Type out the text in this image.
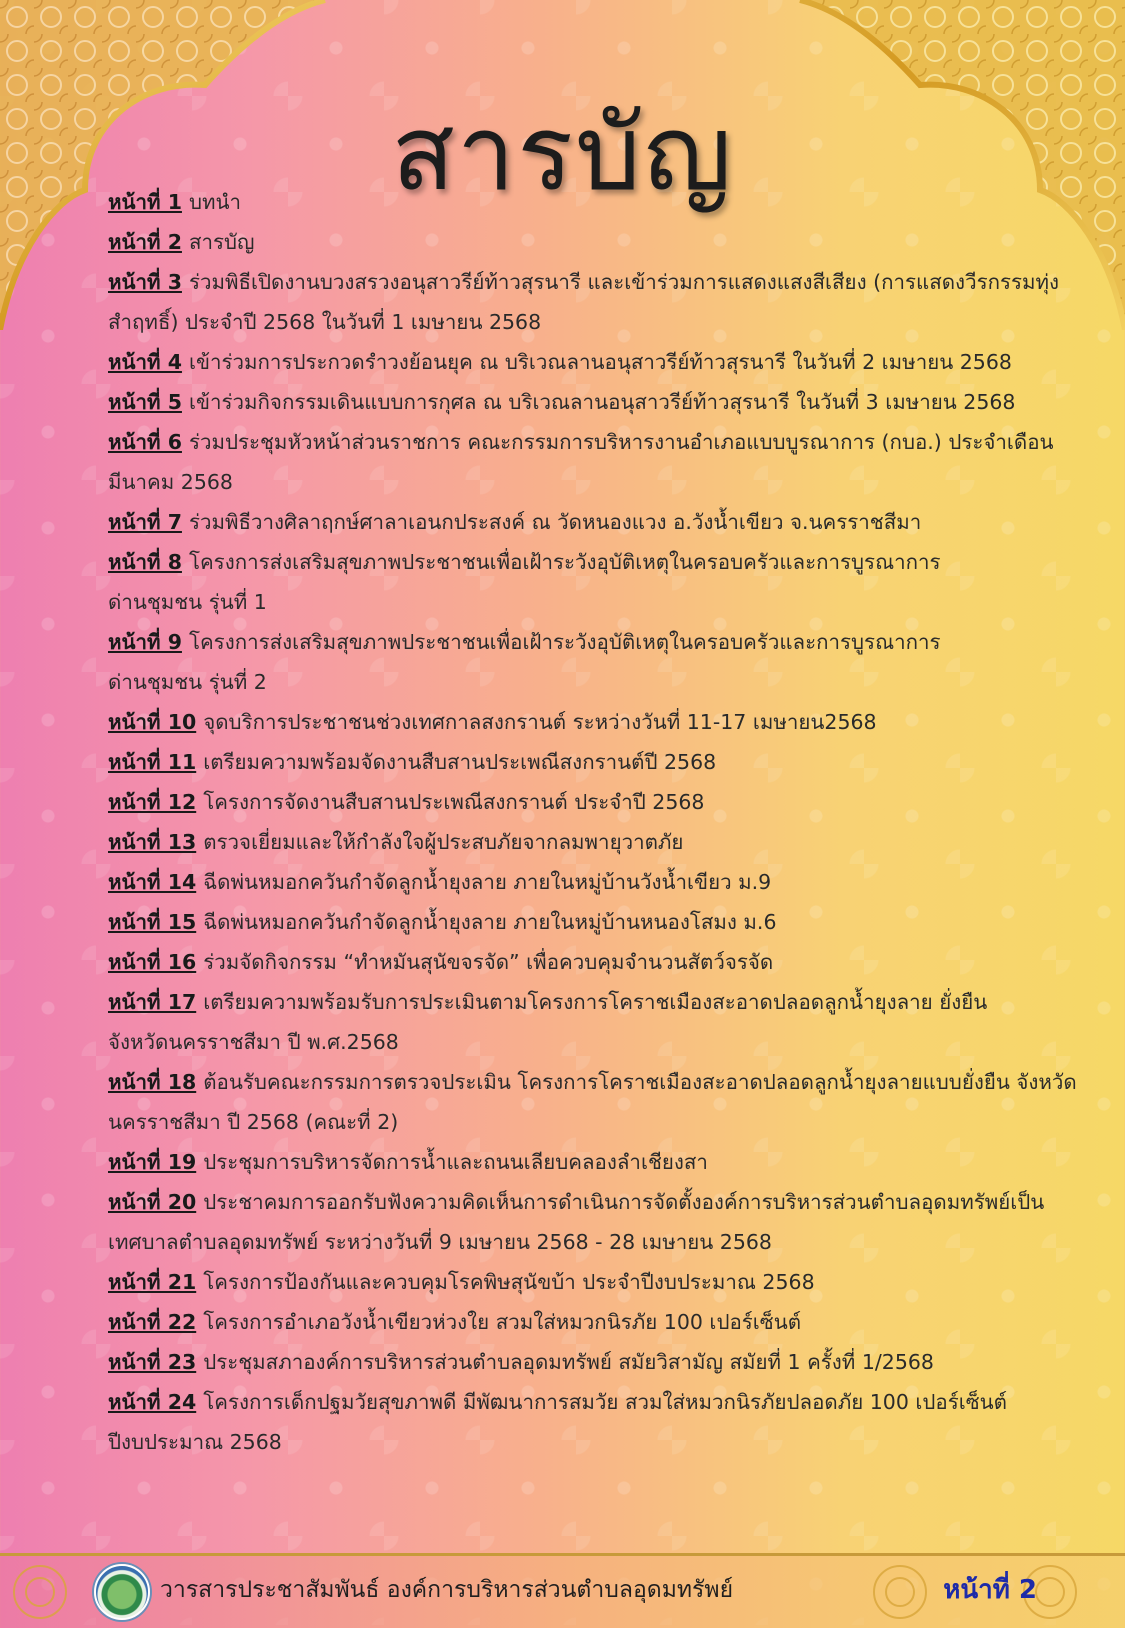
สารบัญ
หน้าที่ 1 บทนำ
หน้าที่ 2 สารบัญ
หน้าที่ 3 ร่วมพิธีเปิดงานบวงสรวงอนุสาวรีย์ท้าวสุรนารี และเข้าร่วมการแสดงแสงสีเสียง (การแสดงวีรกรรมทุ่ง
สำฤทธิ์) ประจำปี 2568 ในวันที่ 1 เมษายน 2568
หน้าที่ 4 เข้าร่วมการประกวดรำวงย้อนยุค ณ บริเวณลานอนุสาวรีย์ท้าวสุรนารี ในวันที่ 2 เมษายน 2568
หน้าที่ 5 เข้าร่วมกิจกรรมเดินแบบการกุศล ณ บริเวณลานอนุสาวรีย์ท้าวสุรนารี ในวันที่ 3 เมษายน 2568
หน้าที่ 6 ร่วมประชุมหัวหน้าส่วนราชการ คณะกรรมการบริหารงานอำเภอแบบบูรณาการ (กบอ.) ประจำเดือน
มีนาคม 2568
หน้าที่ 7 ร่วมพิธีวางศิลาฤกษ์ศาลาเอนกประสงค์ ณ วัดหนองแวง อ.วังน้ำเขียว จ.นครราชสีมา
หน้าที่ 8 โครงการส่งเสริมสุขภาพประชาชนเพื่อเฝ้าระวังอุบัติเหตุในครอบครัวและการบูรณาการ
ด่านชุมชน รุ่นที่ 1
หน้าที่ 9 โครงการส่งเสริมสุขภาพประชาชนเพื่อเฝ้าระวังอุบัติเหตุในครอบครัวและการบูรณาการ
ด่านชุมชน รุ่นที่ 2
หน้าที่ 10 จุดบริการประชาชนช่วงเทศกาลสงกรานต์ ระหว่างวันที่ 11-17 เมษายน2568
หน้าที่ 11 เตรียมความพร้อมจัดงานสืบสานประเพณีสงกรานต์ปี 2568
หน้าที่ 12 โครงการจัดงานสืบสานประเพณีสงกรานต์ ประจำปี 2568
หน้าที่ 13 ตรวจเยี่ยมและให้กำลังใจผู้ประสบภัยจากลมพายุวาตภัย
หน้าที่ 14 ฉีดพ่นหมอกควันกำจัดลูกน้ำยุงลาย ภายในหมู่บ้านวังน้ำเขียว ม.9
หน้าที่ 15 ฉีดพ่นหมอกควันกำจัดลูกน้ำยุงลาย ภายในหมู่บ้านหนองโสมง ม.6
หน้าที่ 16 ร่วมจัดกิจกรรม “ทำหมันสุนัขจรจัด” เพื่อควบคุมจำนวนสัตว์จรจัด
หน้าที่ 17 เตรียมความพร้อมรับการประเมินตามโครงการโคราชเมืองสะอาดปลอดลูกน้ำยุงลาย ยั่งยืน
จังหวัดนครราชสีมา ปี พ.ศ.2568
หน้าที่ 18 ต้อนรับคณะกรรมการตรวจประเมิน โครงการโคราชเมืองสะอาดปลอดลูกน้ำยุงลายแบบยั่งยืน จังหวัด
นครราชสีมา ปี 2568 (คณะที่ 2)
หน้าที่ 19 ประชุมการบริหารจัดการน้ำและถนนเลียบคลองลำเชียงสา
หน้าที่ 20 ประชาคมการออกรับฟังความคิดเห็นการดำเนินการจัดตั้งองค์การบริหารส่วนตำบลอุดมทรัพย์เป็น
เทศบาลตำบลอุดมทรัพย์ ระหว่างวันที่ 9 เมษายน 2568 - 28 เมษายน 2568
หน้าที่ 21 โครงการป้องกันและควบคุมโรคพิษสุนัขบ้า ประจำปีงบประมาณ 2568
หน้าที่ 22 โครงการอำเภอวังน้ำเขียวห่วงใย สวมใส่หมวกนิรภัย 100 เปอร์เซ็นต์
หน้าที่ 23 ประชุมสภาองค์การบริหารส่วนตำบลอุดมทรัพย์ สมัยวิสามัญ สมัยที่ 1 ครั้งที่ 1/2568
หน้าที่ 24 โครงการเด็กปฐมวัยสุขภาพดี มีพัฒนาการสมวัย สวมใส่หมวกนิรภัยปลอดภัย 100 เปอร์เซ็นต์
ปีงบประมาณ 2568
วารสารประชาสัมพันธ์ องค์การบริหารส่วนตำบลอุดมทรัพย์	หน้าที่ 2
